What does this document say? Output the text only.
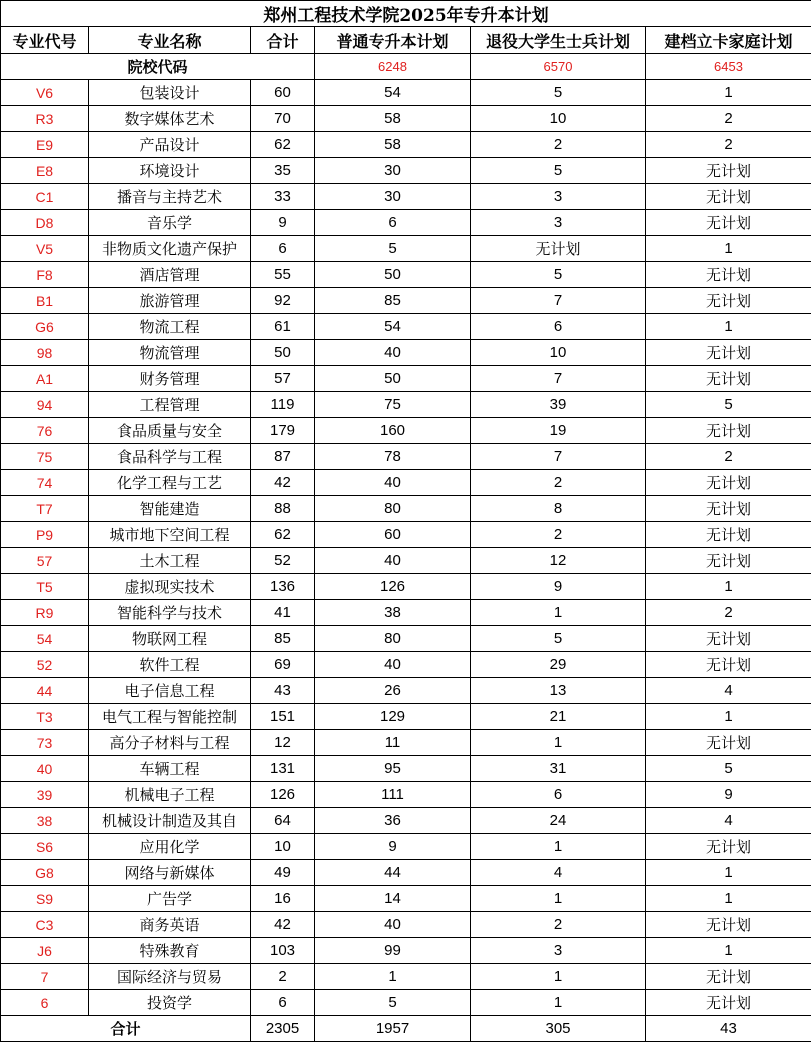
郑州工程技术学院2025年专升本计划					
专业代号	专业名称	合计	普通专升本计划	退役大学生士兵计划	建档立卡家庭计划
院校代码			6248	6570	6453
V6	包装设计	60	54	5	1
R3	数字媒体艺术	70	58	10	2
E9	产品设计	62	58	2	2
E8	环境设计	35	30	5	无计划
C1	播音与主持艺术	33	30	3	无计划
D8	音乐学	9	6	3	无计划
V5	非物质文化遗产保护	6	5	无计划	1
F8	酒店管理	55	50	5	无计划
B1	旅游管理	92	85	7	无计划
G6	物流工程	61	54	6	1
98	物流管理	50	40	10	无计划
A1	财务管理	57	50	7	无计划
94	工程管理	119	75	39	5
76	食品质量与安全	179	160	19	无计划
75	食品科学与工程	87	78	7	2
74	化学工程与工艺	42	40	2	无计划
T7	智能建造	88	80	8	无计划
P9	城市地下空间工程	62	60	2	无计划
57	土木工程	52	40	12	无计划
T5	虚拟现实技术	136	126	9	1
R9	智能科学与技术	41	38	1	2
54	物联网工程	85	80	5	无计划
52	软件工程	69	40	29	无计划
44	电子信息工程	43	26	13	4
T3	电气工程与智能控制	151	129	21	1
73	高分子材料与工程	12	11	1	无计划
40	车辆工程	131	95	31	5
39	机械电子工程	126	111	6	9
38	机械设计制造及其自	64	36	24	4
S6	应用化学	10	9	1	无计划
G8	网络与新媒体	49	44	4	1
S9	广告学	16	14	1	1
C3	商务英语	42	40	2	无计划
J6	特殊教育	103	99	3	1
7	国际经济与贸易	2	1	1	无计划
6	投资学	6	5	1	无计划
合计		2305	1957	305	43
